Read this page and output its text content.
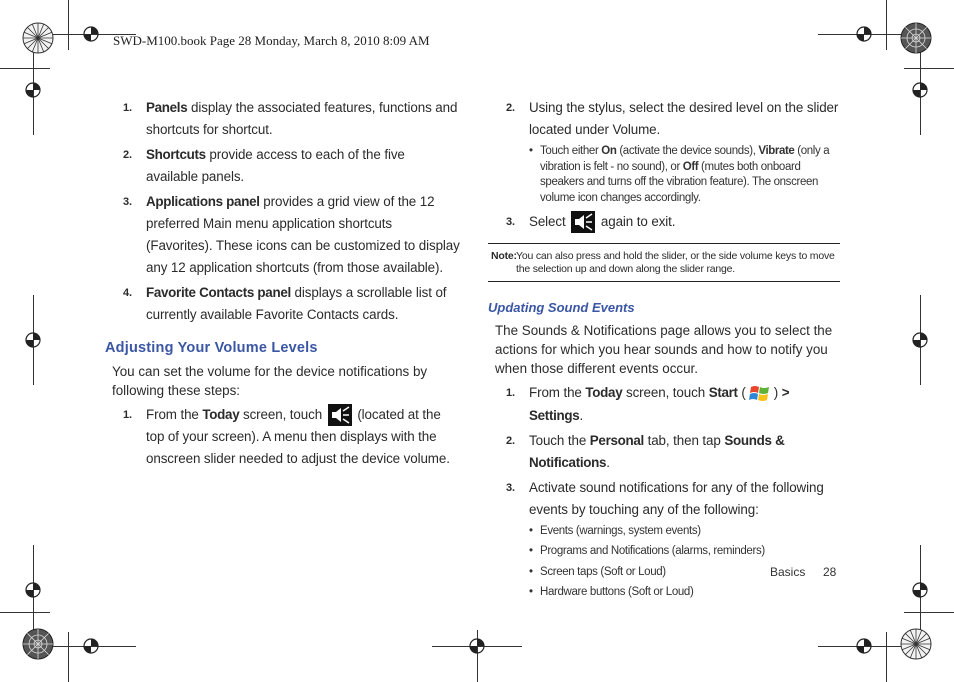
SWD-M100.book Page 28 Monday, March 8, 2010 8:09 AM
1. Panels display the associated features, functions and shortcuts for shortcut.
2. Shortcuts provide access to each of the five available panels.
3. Applications panel provides a grid view of the 12 preferred Main menu application shortcuts (Favorites). These icons can be customized to display any 12 application shortcuts (from those available).
4. Favorite Contacts panel displays a scrollable list of currently available Favorite Contacts cards.
Adjusting Your Volume Levels
You can set the volume for the device notifications by following these steps:
1. From the Today screen, touch  (located at the top of your screen). A menu then displays with the onscreen slider needed to adjust the device volume.
2. Using the stylus, select the desired level on the slider located under Volume.
• Touch either On (activate the device sounds), Vibrate (only a vibration is felt - no sound), or Off (mutes both onboard speakers and turns off the vibration feature). The onscreen volume icon changes accordingly.
3. Select  again to exit.
Note: You can also press and hold the slider, or the side volume keys to move the selection up and down along the slider range.
Updating Sound Events
The Sounds & Notifications page allows you to select the actions for which you hear sounds and how to notify you when those different events occur.
1. From the Today screen, touch Start ( ) > Settings.
2. Touch the Personal tab, then tap Sounds & Notifications.
3. Activate sound notifications for any of the following events by touching any of the following:
• Events (warnings, system events)
• Programs and Notifications (alarms, reminders)
• Screen taps (Soft or Loud)
• Hardware buttons (Soft or Loud)
Basics 28
